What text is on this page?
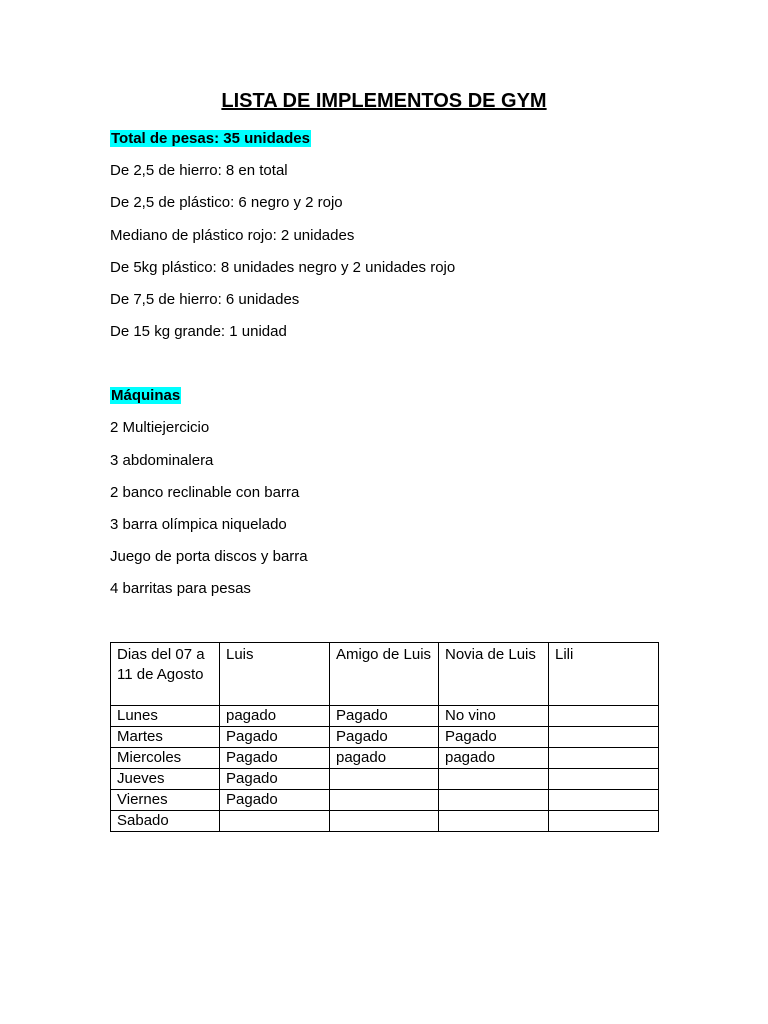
LISTA DE IMPLEMENTOS DE GYM
Total de pesas: 35 unidades
De 2,5 de hierro: 8 en total
De 2,5 de plástico: 6 negro y 2 rojo
Mediano de plástico rojo: 2 unidades
De 5kg plástico: 8 unidades negro y 2 unidades rojo
De 7,5 de hierro: 6 unidades
De 15 kg grande: 1 unidad
Máquinas
2 Multiejercicio
3 abdominalera
2 banco reclinable con barra
3 barra olímpica niquelado
Juego de porta discos y barra
4 barritas para pesas
Dias del 07 a 11 de Agosto	Luis	Amigo de Luis	Novia de Luis	Lili
Lunes	pagado	Pagado	No vino	
Martes	Pagado	Pagado	Pagado	
Miercoles	Pagado	pagado	pagado	
Jueves	Pagado			
Viernes	Pagado			
Sabado				
